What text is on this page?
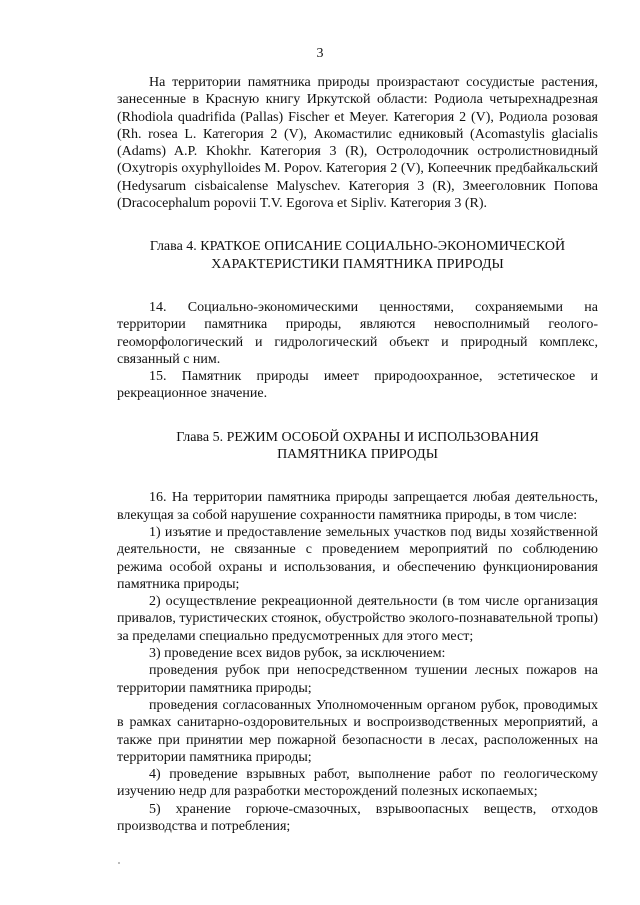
3

На территории памятника природы произрастают сосудистые растения, занесенные в Красную книгу Иркутской области: Родиола четырехнадрезная (Rhodiola quadrifida (Pallas) Fischer et Meyer. Категория 2 (V), Родиола розовая (Rh. rosea L. Категория 2 (V), Акомастилис едниковый (Acomastylis glacialis (Adams) A.P. Khokhr. Категория 3 (R), Остролодочник остролистновидный (Oxytropis oxyphylloides M. Popov. Категория 2 (V), Копеечник предбайкальский (Hedysarum cisbaicalense Malyschev. Категория 3 (R), Змееголовник Попова (Dracocephalum popovii T.V. Egorova et Sipliv. Категория 3 (R).

Глава 4. КРАТКОЕ ОПИСАНИЕ СОЦИАЛЬНО-ЭКОНОМИЧЕСКОЙ
ХАРАКТЕРИСТИКИ ПАМЯТНИКА ПРИРОДЫ

14. Социально-экономическими ценностями, сохраняемыми на территории памятника природы, являются невосполнимый геолого-геоморфологический и гидрологический объект и природный комплекс, связанный с ним.

15. Памятник природы имеет природоохранное, эстетическое и рекреационное значение.

Глава 5. РЕЖИМ ОСОБОЙ ОХРАНЫ И ИСПОЛЬЗОВАНИЯ
ПАМЯТНИКА ПРИРОДЫ

16. На территории памятника природы запрещается любая деятельность, влекущая за собой нарушение сохранности памятника природы, в том числе:

1) изъятие и предоставление земельных участков под виды хозяйственной деятельности, не связанные с проведением мероприятий по соблюдению режима особой охраны и использования, и обеспечению функционирования памятника природы;

2) осуществление рекреационной деятельности (в том числе организация привалов, туристических стоянок, обустройство эколого-познавательной тропы) за пределами специально предусмотренных для этого мест;

3) проведение всех видов рубок, за исключением:

проведения рубок при непосредственном тушении лесных пожаров на территории памятника природы;

проведения согласованных Уполномоченным органом рубок, проводимых в рамках санитарно-оздоровительных и воспроизводственных мероприятий, а также при принятии мер пожарной безопасности в лесах, расположенных на территории памятника природы;

4) проведение взрывных работ, выполнение работ по геологическому изучению недр для разработки месторождений полезных ископаемых;

5) хранение горюче-смазочных, взрывоопасных веществ, отходов производства и потребления;
